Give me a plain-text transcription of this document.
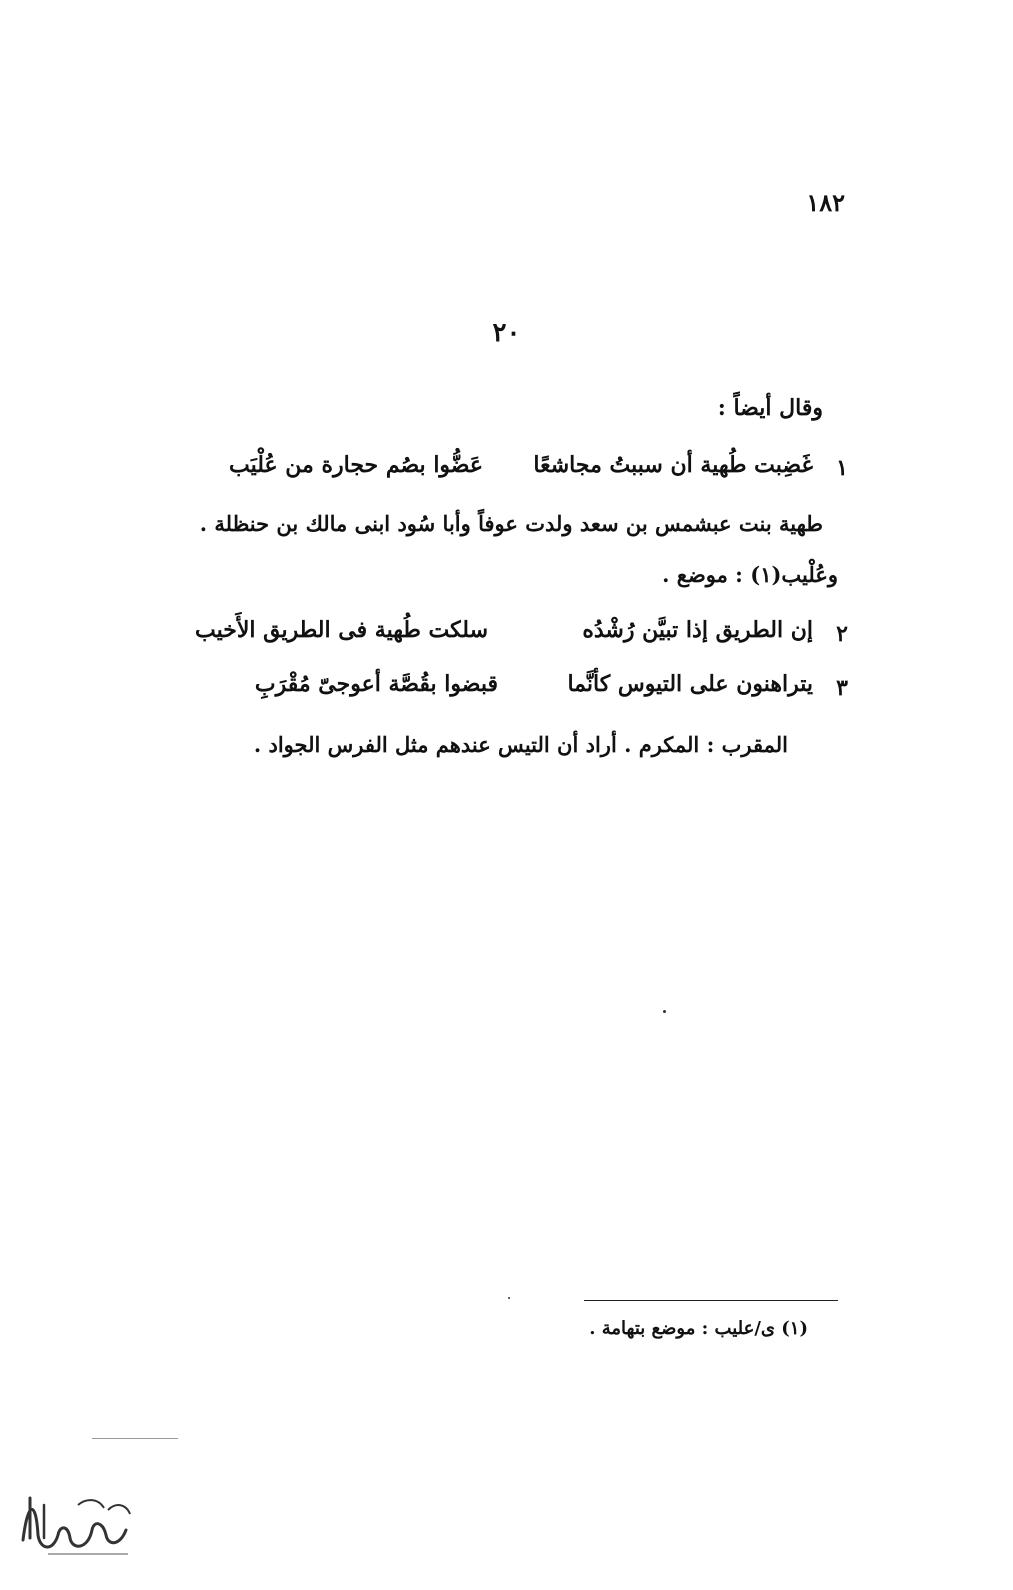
١٨٢
٢٠
وقال أيضاً :
١
غَضِبت طُهية أن سببتُ مجاشعًا
عَضُّوا بصُم حجارة من عُلْيَب
طهية بنت عبشمس بن سعد ولدت عوفاً وأبا سُود ابنى مالك بن حنظلة .
وعُلْيب(١) : موضع .
٢
إن الطريق إذا تبيَّن رُشْدُه
سلكت طُهية فى الطريق الأَخيب
٣
يتراهنون على التيوس كأنَّما
قبضوا بقُصَّة أعوجىّ مُقْرَبِ
المقرب : المكرم . أراد أن التيس عندهم مثل الفرس الجواد .
(١) ى/عليب : موضع بتهامة .
